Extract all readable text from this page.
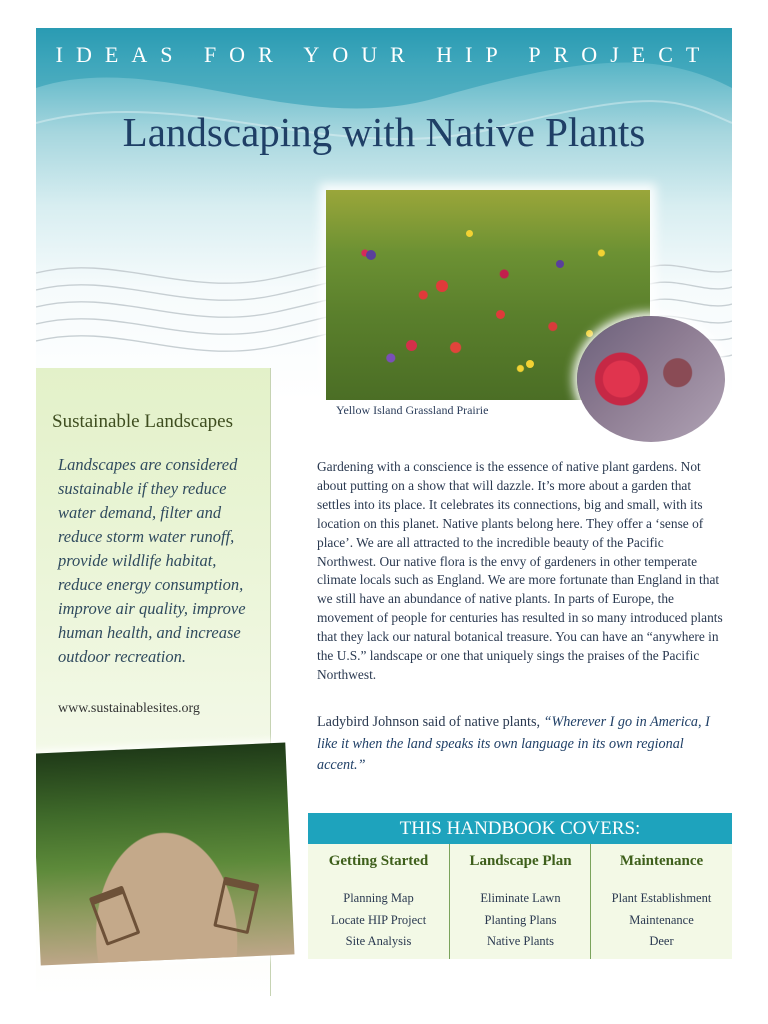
IDEAS FOR YOUR HIP PROJECT
Landscaping with Native Plants
Yellow Island Grassland Prairie
Sustainable Landscapes
Landscapes are considered sustainable if they reduce water demand, filter and reduce storm water runoff, provide wildlife habitat, reduce energy consumption, improve air quality, improve human health, and increase outdoor recreation.
www.sustainablesites.org

Gardening with a conscience is the essence of native plant gardens. Not about putting on a show that will dazzle. It’s more about a garden that settles into its place. It celebrates its connections, big and small, with its location on this planet. Native plants belong here. They offer a ‘sense of place’. We are all attracted to the incredible beauty of the Pacific Northwest. Our native flora is the envy of gardeners in other temperate climate locals such as England. We are more fortunate than England in that we still have an abundance of native plants. In parts of Europe, the movement of people for centuries has resulted in so many introduced plants that they lack our natural botanical treasure. You can have an “anywhere in the U.S.” landscape or one that uniquely sings the praises of the Pacific Northwest.

Ladybird Johnson said of native plants, “Wherever I go in America, I like it when the land speaks its own language in its own regional accent.”
THIS HANDBOOK COVERS:
Getting Started
Planning Map
Locate HIP Project
Site Analysis
Landscape Plan
Eliminate Lawn
Planting Plans
Native Plants
Maintenance
Plant Establishment
Maintenance
Deer
